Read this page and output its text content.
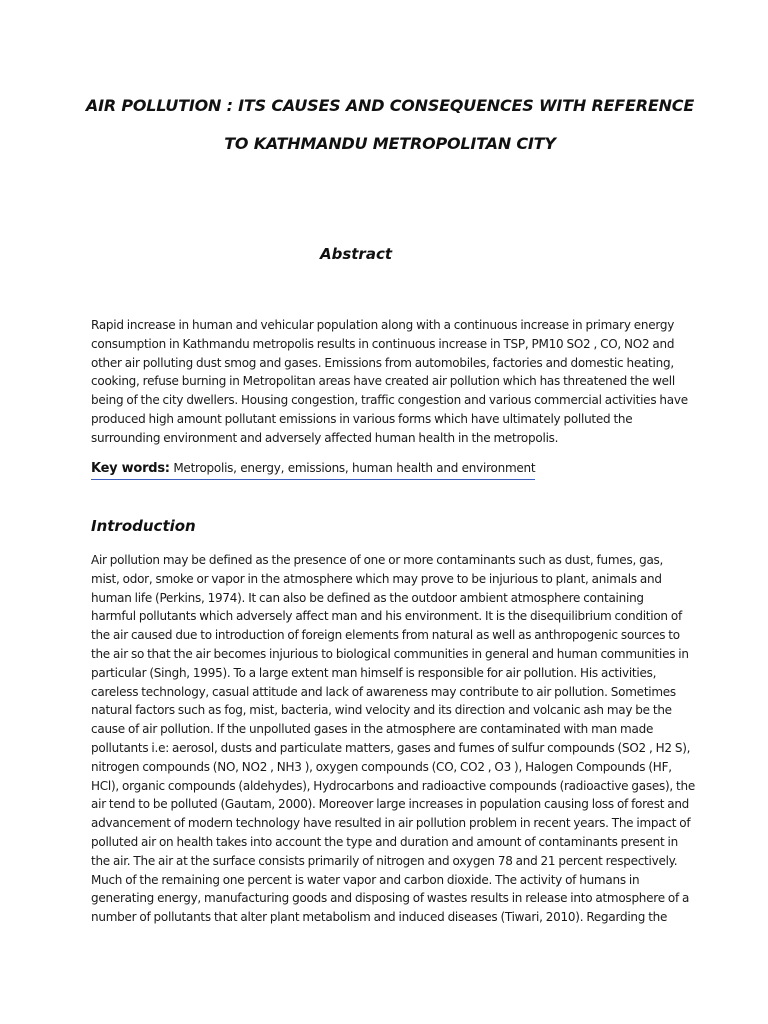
AIR POLLUTION : ITS CAUSES AND CONSEQUENCES WITH REFERENCE
TO KATHMANDU METROPOLITAN CITY
Abstract
Rapid increase in human and vehicular population along with a continuous increase in primary energy
consumption in Kathmandu metropolis results in continuous increase in TSP, PM10 SO2 , CO, NO2 and
other air polluting dust smog and gases. Emissions from automobiles, factories and domestic heating,
cooking, refuse burning in Metropolitan areas have created air pollution which has threatened the well
being of the city dwellers. Housing congestion, traffic congestion and various commercial activities have
produced high amount pollutant emissions in various forms which have ultimately polluted the
surrounding environment and adversely affected human health in the metropolis.
Key words: Metropolis, energy, emissions, human health and environment
Introduction
Air pollution may be defined as the presence of one or more contaminants such as dust, fumes, gas,
mist, odor, smoke or vapor in the atmosphere which may prove to be injurious to plant, animals and
human life (Perkins, 1974). It can also be defined as the outdoor ambient atmosphere containing
harmful pollutants which adversely affect man and his environment. It is the disequilibrium condition of
the air caused due to introduction of foreign elements from natural as well as anthropogenic sources to
the air so that the air becomes injurious to biological communities in general and human communities in
particular (Singh, 1995). To a large extent man himself is responsible for air pollution. His activities,
careless technology, casual attitude and lack of awareness may contribute to air pollution. Sometimes
natural factors such as fog, mist, bacteria, wind velocity and its direction and volcanic ash may be the
cause of air pollution. If the unpolluted gases in the atmosphere are contaminated with man made
pollutants i.e: aerosol, dusts and particulate matters, gases and fumes of sulfur compounds (SO2 , H2 S),
nitrogen compounds (NO, NO2 , NH3 ), oxygen compounds (CO, CO2 , O3 ), Halogen Compounds (HF,
HCl), organic compounds (aldehydes), Hydrocarbons and radioactive compounds (radioactive gases), the
air tend to be polluted (Gautam, 2000). Moreover large increases in population causing loss of forest and
advancement of modern technology have resulted in air pollution problem in recent years. The impact of
polluted air on health takes into account the type and duration and amount of contaminants present in
the air. The air at the surface consists primarily of nitrogen and oxygen 78 and 21 percent respectively.
Much of the remaining one percent is water vapor and carbon dioxide. The activity of humans in
generating energy, manufacturing goods and disposing of wastes results in release into atmosphere of a
number of pollutants that alter plant metabolism and induced diseases (Tiwari, 2010). Regarding the
